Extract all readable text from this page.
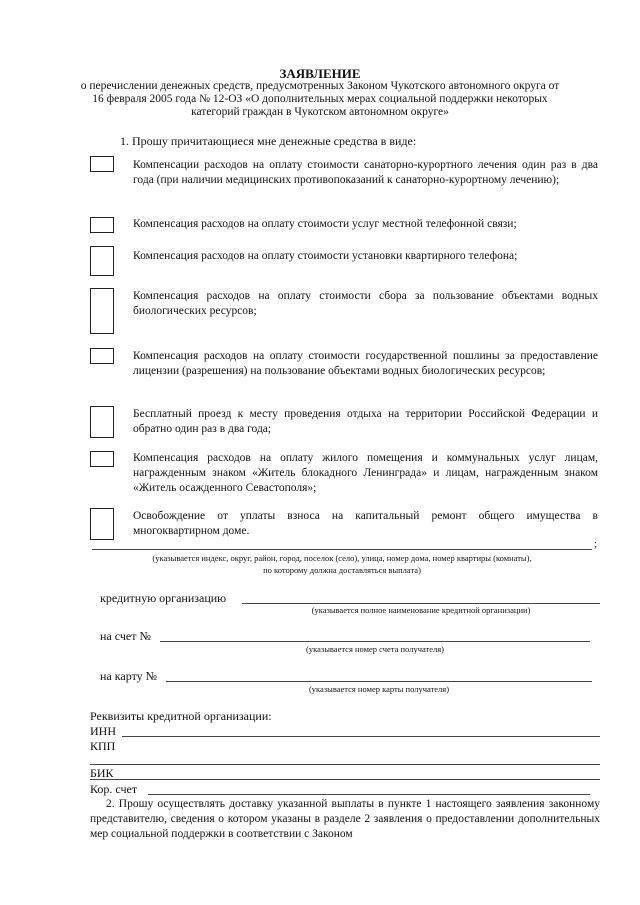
ЗАЯВЛЕНИЕ
о перечислении денежных средств, предусмотренных Законом Чукотского автономного округа от 16 февраля 2005 года № 12-ОЗ «О дополнительных мерах социальной поддержки некоторых категорий граждан в Чукотском автономном округе»
1. Прошу причитающиеся мне денежные средства в виде:
Компенсации расходов на оплату стоимости санаторно-курортного лечения один раз в два года (при наличии медицинских противопоказаний к санаторно-курортному лечению);
Компенсация расходов на оплату стоимости услуг местной телефонной связи;
Компенсация расходов на оплату стоимости установки квартирного телефона;
Компенсация расходов на оплату стоимости сбора за пользование объектами водных биологических ресурсов;
Компенсация расходов на оплату стоимости государственной пошлины за предоставление лицензии (разрешения) на пользование объектами водных биологических ресурсов;
Бесплатный проезд к месту проведения отдыха на территории Российской Федерации и обратно один раз в два года;
Компенсация расходов на оплату жилого помещения и коммунальных услуг лицам, награжденным знаком «Житель блокадного Ленинграда» и лицам, награжденным знаком «Житель осажденного Севастополя»;
Освобождение от уплаты взноса на капитальный ремонт общего имущества в многоквартирном доме.
;
(указывается индекс, округ, район, город, поселок (село), улица, номер дома, номер квартиры (комнаты),
по которому должна доставляться выплата)
кредитную организацию
(указывается полное наименование кредитной организации)
на счет №
(указывается номер счета получателя)
на карту №
(указывается номер карты получателя)
Реквизиты кредитной организации:
ИНН
КПП
БИК
Кор. счет
2. Прошу осуществлять доставку указанной выплаты в пункте 1 настоящего заявления законному представителю, сведения о котором указаны в разделе 2 заявления о предоставлении дополнительных мер социальной поддержки в соответствии с Законом
